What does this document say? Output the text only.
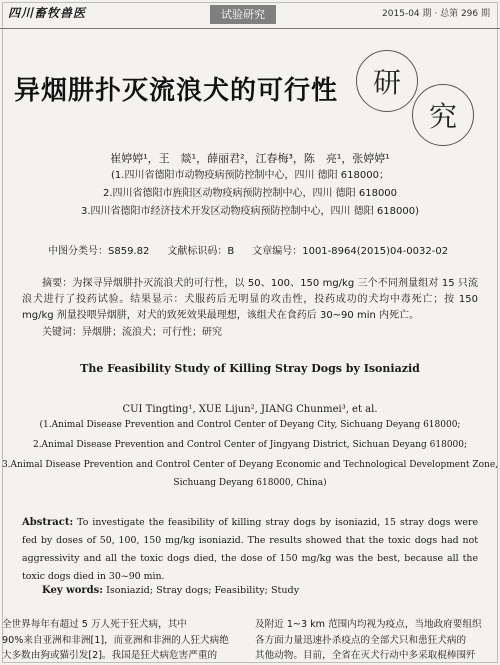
四川畜牧兽医	试验研究	2015-04 期 · 总第 296 期
异烟肼扑灭流浪犬的可行性	研
究
崔婷婷¹，王　燚¹，薛丽君²，江春梅³，陈　亮¹，张婷婷¹
(1.四川省德阳市动物疫病预防控制中心，四川 德阳 618000；
2.四川省德阳市旌阳区动物疫病预防控制中心，四川 德阳 618000
3.四川省德阳市经济技术开发区动物疫病预防控制中心，四川 德阳 618000)
中图分类号：S859.82 文献标识码：B 文章编号：1001-8964(2015)04-0032-02
摘要：为探寻异烟肼扑灭流浪犬的可行性，以 50、100、150 mg/kg 三个不同剂量组对 15 只流浪犬进行了投药试验。结果显示：犬服药后无明显的攻击性，投药成功的犬均中毒死亡；按 150 mg/kg 剂量投喂异烟肼，对犬的致死效果最理想，该组犬在食药后 30~90 min 内死亡。
关键词：异烟肼；流浪犬；可行性；研究
The Feasibility Study of Killing Stray Dogs by Isoniazid
CUI Tingting¹, XUE Lijun², JIANG Chunmei³, et al.
(1.Animal Disease Prevention and Control Center of Deyang City, Sichuang Deyang 618000;
2.Animal Disease Prevention and Control Center of Jingyang District, Sichuan Deyang 618000;
3.Animal Disease Prevention and Control Center of Deyang Economic and Technological Development Zone,
Sichuang Deyang 618000, China)
Abstract: To investigate the feasibility of killing stray dogs by isoniazid, 15 stray dogs were fed by doses of 50, 100, 150 mg/kg isoniazid. The results showed that the toxic dogs had not aggressivity and all the toxic dogs died, the dose of 150 mg/kg was the best, because all the toxic dogs died in 30~90 min.
Key words: Isoniazid; Stray dogs; Feasibility; Study
全世界每年有超过 5 万人死于狂犬病，其中
90%来自亚洲和非洲[1]，而亚洲和非洲的人狂犬病绝
大多数由狗或猫引发[2]。我国是狂犬病危害严重的
及附近 1~3 km 范围内均视为疫点，当地政府要组织
各方面力量迅速扑杀疫点的全部犬只和患狂犬病的
其他动物。目前，全省在灭犬行动中多采取棍棒围歼
